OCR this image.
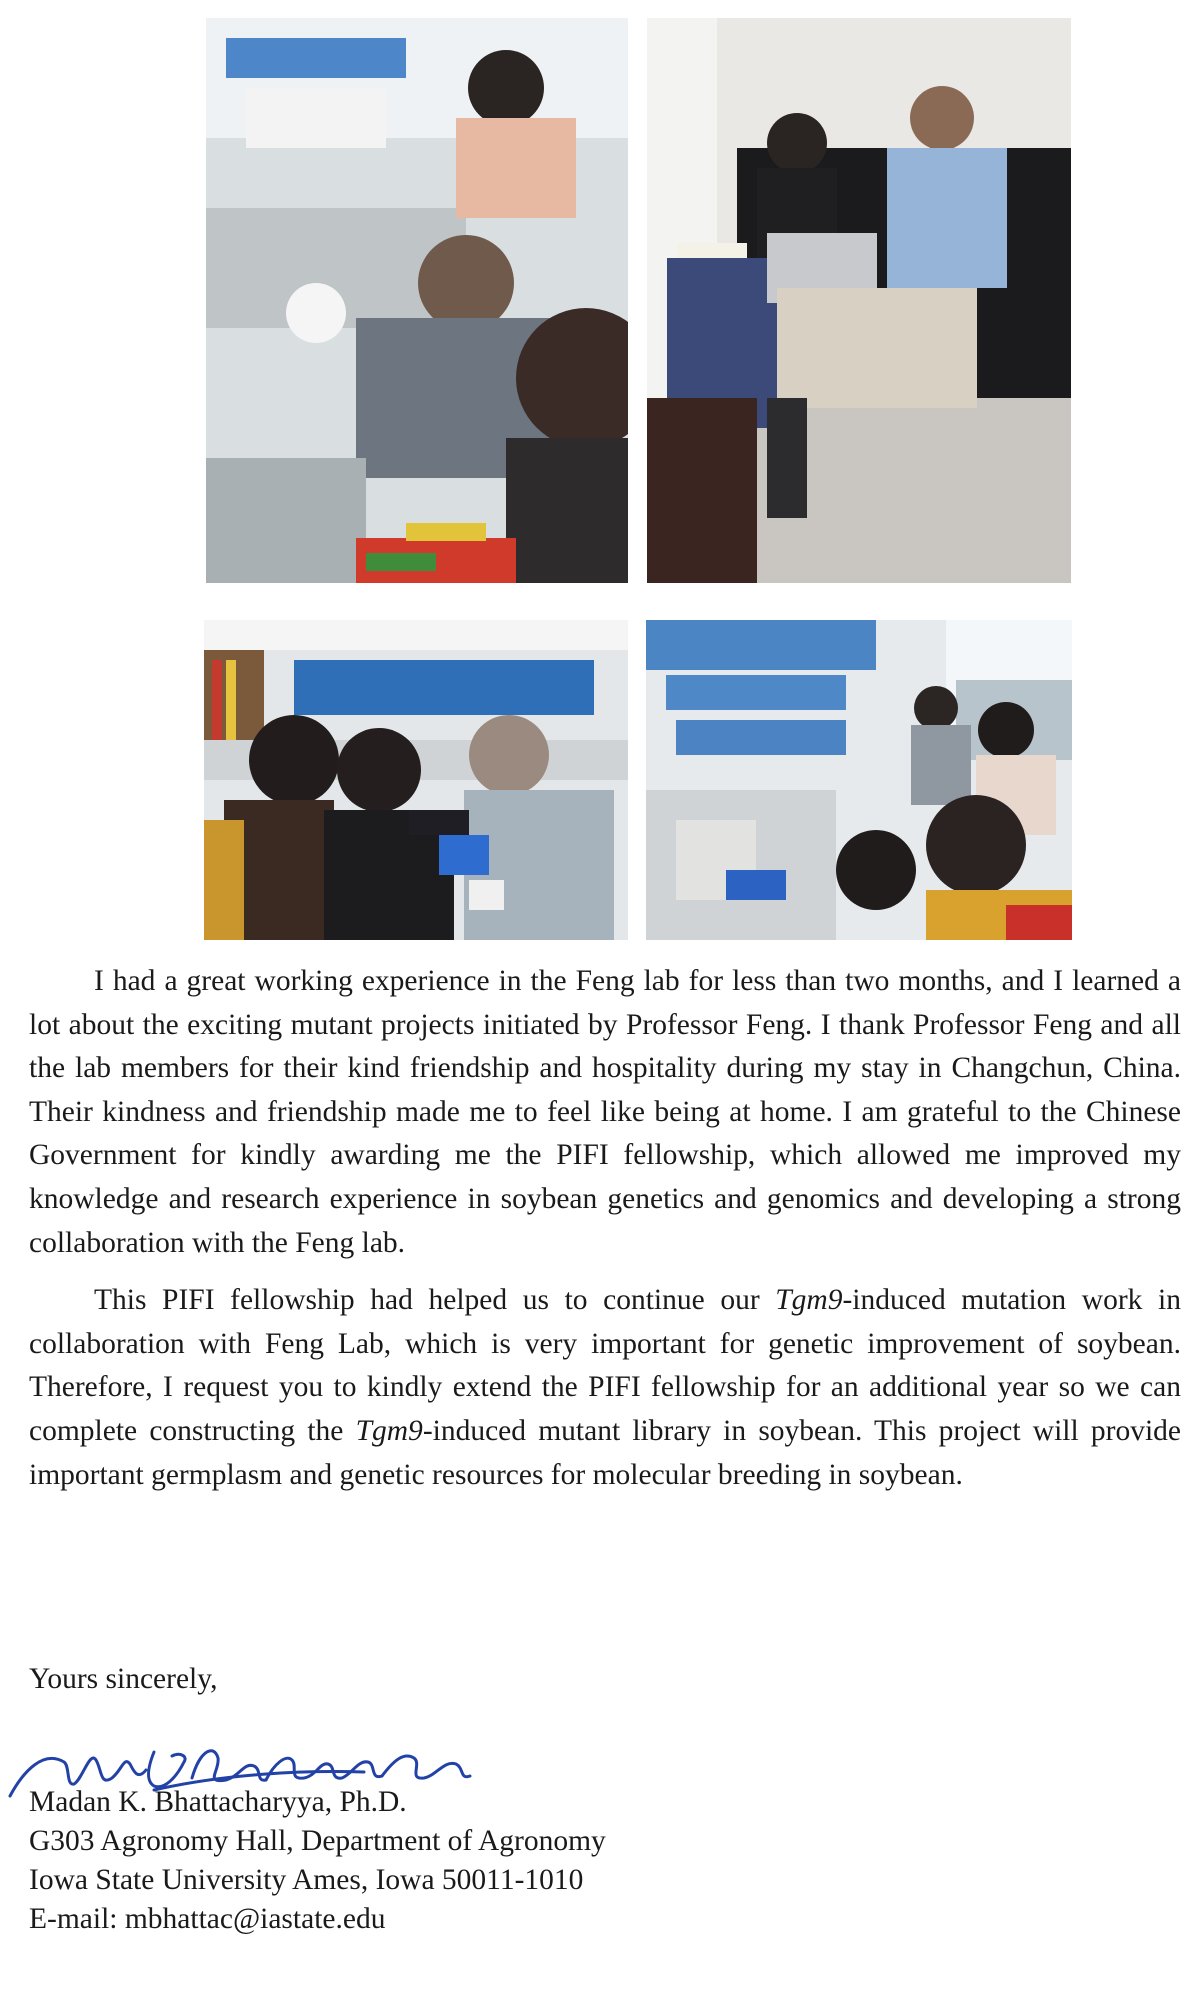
I had a great working experience in the Feng lab for less than two months, and I learned a lot about the exciting mutant projects initiated by Professor Feng. I thank Professor Feng and all the lab members for their kind friendship and hospitality during my stay in Changchun, China. Their kindness and friendship made me to feel like being at home. I am grateful to the Chinese Government for kindly awarding me the PIFI fellowship, which allowed me improved my knowledge and research experience in soybean genetics and genomics and developing a strong collaboration with the Feng lab.

This PIFI fellowship had helped us to continue our Tgm9-induced mutation work in collaboration with Feng Lab, which is very important for genetic improvement of soybean. Therefore, I request you to kindly extend the PIFI fellowship for an additional year so we can complete constructing the Tgm9-induced mutant library in soybean. This project will provide important germplasm and genetic resources for molecular breeding in soybean.

Yours sincerely,
Madan K. Bhattacharyya, Ph.D.
G303 Agronomy Hall, Department of Agronomy
Iowa State University Ames, Iowa 50011-1010
E-mail: mbhattac@iastate.edu
